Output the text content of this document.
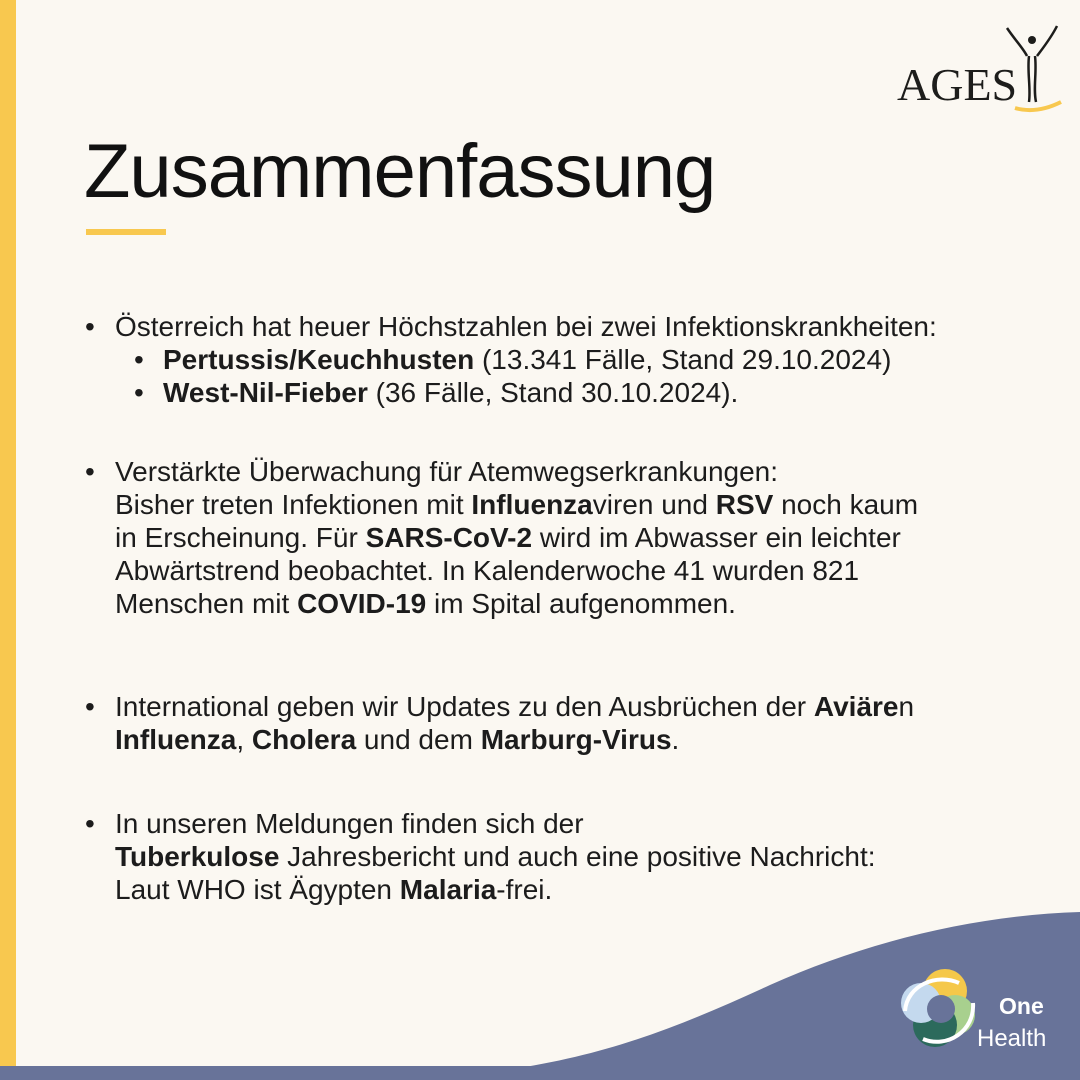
AGES
Zusammenfassung
• Österreich hat heuer Höchstzahlen bei zwei Infektionskrankheiten:
• Pertussis/Keuchhusten (13.341 Fälle, Stand 29.10.2024)
• West-Nil-Fieber (36 Fälle, Stand 30.10.2024).
• Verstärkte Überwachung für Atemwegserkrankungen:
Bisher treten Infektionen mit Influenzaviren und RSV noch kaum
in Erscheinung. Für SARS-CoV-2 wird im Abwasser ein leichter
Abwärtstrend beobachtet. In Kalenderwoche 41 wurden 821
Menschen mit COVID-19 im Spital aufgenommen.
• International geben wir Updates zu den Ausbrüchen der Aviären
Influenza, Cholera und dem Marburg-Virus.
• In unseren Meldungen finden sich der
Tuberkulose Jahresbericht und auch eine positive Nachricht:
Laut WHO ist Ägypten Malaria-frei.
One
Health
